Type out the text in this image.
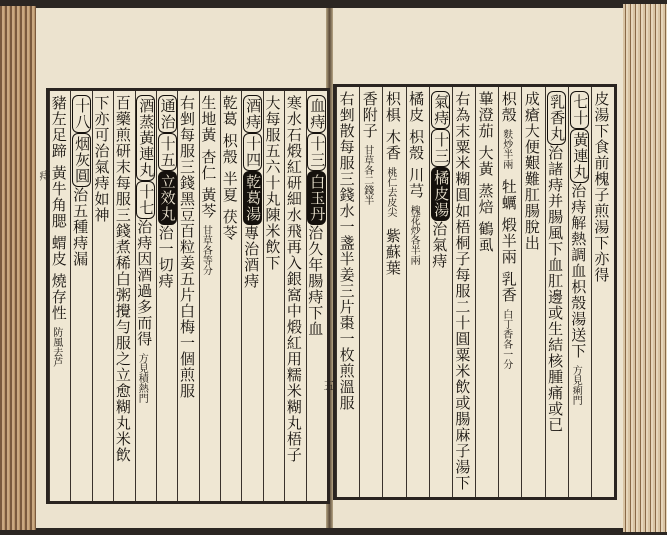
血痔
十三
白玉丹
治久年腸痔下血
寒水石煅紅研細水飛再入銀窩中煅紅用糯米糊丸梧子
大每服五六十丸陳米飲下
酒痔
十四
乾葛湯
專治酒痔
乾葛
枳殼
半夏
茯苓
生地黃
杏仁
黃芩
甘草各等分
右剉每服三錢黑豆百粒姜五片白梅一個煎服
通治
十五
立效丸
治一切痔
酒蒸黃連丸
十七
治痔因酒過多而得
方見積熱門
百藥煎研末每服三錢煮稀白粥攪勻服之立愈糊丸米飲
下亦可治氣痔如神
十八
烟灰圓
治五種痔漏
豬左足蹄
黃牛角腮
蝟皮
燒存性
防風去芦
皮湯下食前槐子煎湯下亦得
七十
黃連丸
治痔解熱調血枳殼湯送下
方見痢門
乳香丸
治諸痔并腸風下血肛邊或生結核腫痛或已
成瘡大便艱難肛腸脫出
枳殼
麩炒半兩
牡蠣
煅半兩
乳香
白丁香各一分
蓽澄茄
大黃
蒸焙
鶴虱
右為末粟米糊圓如梧桐子每服二十圓粟米飲或腸麻子湯下
氣痔
十三
橘皮湯
治氣痔
橘皮
枳殼
川芎
槐花炒各半兩
枳椇
木香
桃仁去皮尖
紫蘇葉
香附子
甘草各二錢半
右剉散每服三錢水一盞半姜三片棗一枚煎溫服
痔
五
